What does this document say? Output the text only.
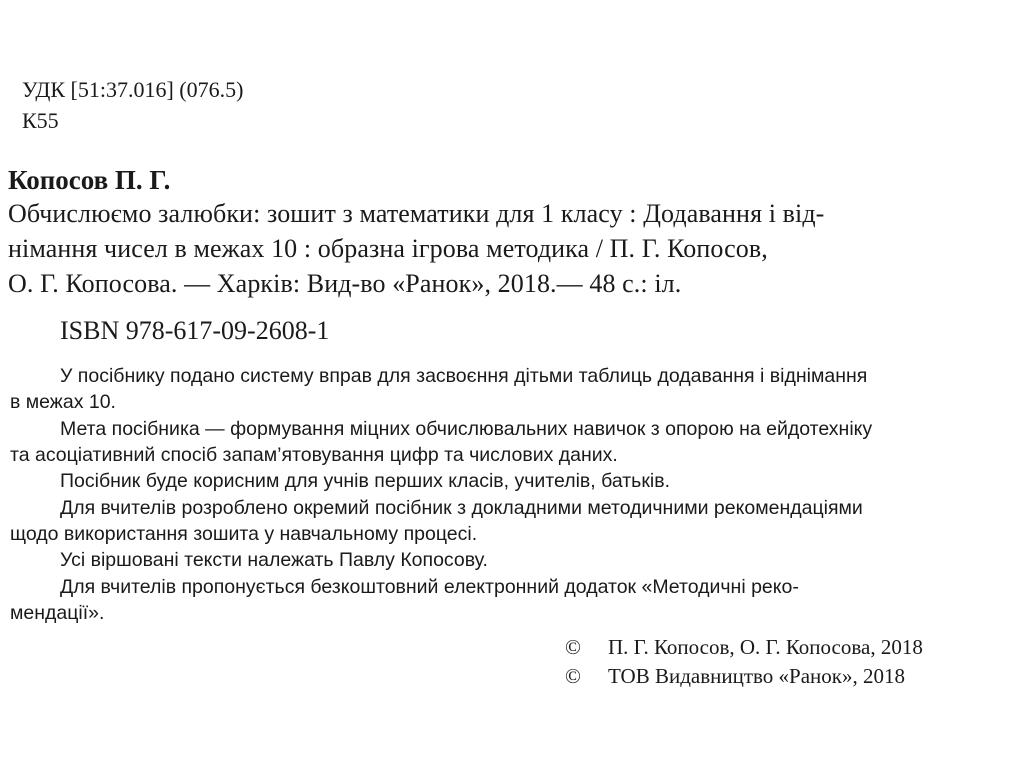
УДК [51:37.016] (076.5)

К55

Копосов П. Г.

Обчислюємо залюбки: зошит з математики для 1 класу : Додавання і від-

німання чисел в межах 10 : образна ігрова методика / П. Г. Копосов,

О. Г. Копосова. — Харків: Вид-во «Ранок», 2018.— 48 с.: іл.

ISBN 978-617-09-2608-1

У посібнику подано систему вправ для засвоєння дітьми таблиць додавання і віднімання

в межах 10.

Мета посібника — формування міцних обчислювальних навичок з опорою на ейдотехніку

та асоціативний спосіб запам’ятовування цифр та числових даних.

Посібник буде корисним для учнів перших класів, учителів, батьків.

Для вчителів розроблено окремий посібник з докладними методичними рекомендаціями

щодо використання зошита у навчальному процесі.

Усі віршовані тексти належать Павлу Копосову.

Для вчителів пропонується безкоштовний електронний додаток «Методичні реко-

мендації».

© П. Г. Копосов, О. Г. Копосова, 2018
© ТОВ Видавництво «Ранок», 2018
